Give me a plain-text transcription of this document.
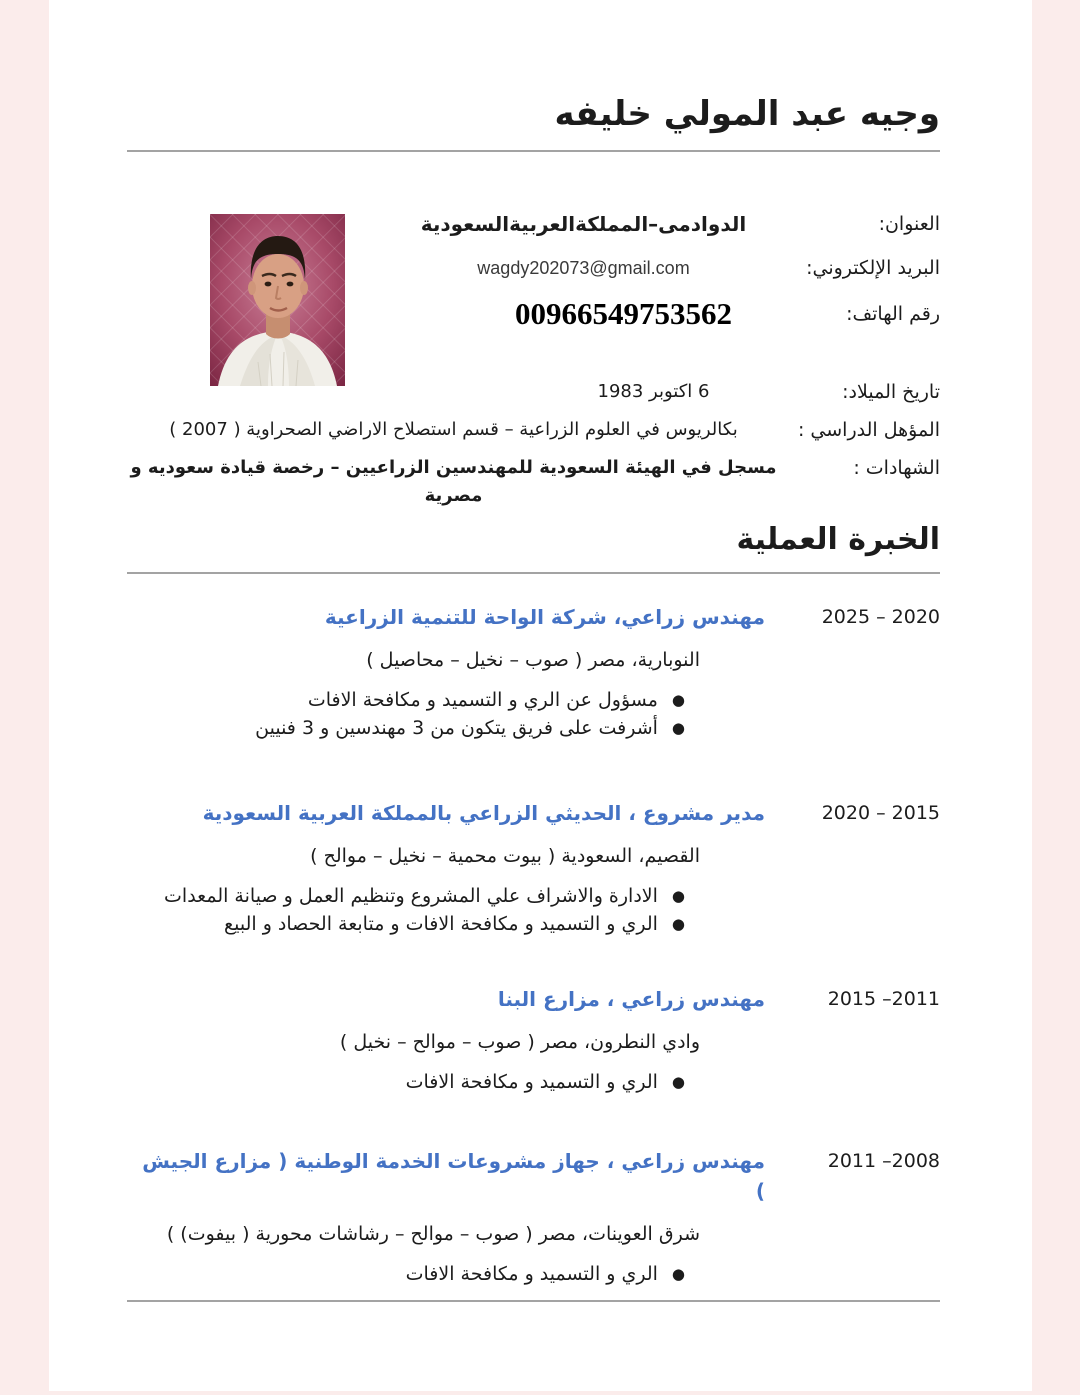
وجيه عبد المولي خليفه
العنوان:
الدوادمى–المملكةالعربيةالسعودية
البريد الإلكتروني:
wagdy202073@gmail.com
رقم الهاتف:
00966549753562
تاريخ الميلاد:
6 اكتوبر 1983
المؤهل الدراسي :
بكالريوس في العلوم الزراعية – قسم استصلاح الاراضي الصحراوية ( 2007 )
الشهادات :
مسجل في الهيئة السعودية للمهندسين الزراعيين – رخصة قيادة سعوديه و مصرية
الخبرة العملية
2020 – 2025
مهندس زراعي، شركة الواحة للتنمية الزراعية
النوبارية، مصر ( صوب – نخيل – محاصيل )
●
مسؤول عن الري و التسميد و مكافحة الافات
●
أشرفت على فريق يتكون من 3 مهندسين و 3 فنيين
2015 – 2020
مدير مشروع ، الحديثي الزراعي بالمملكة العربية السعودية
القصيم، السعودية ( بيوت محمية – نخيل – موالح )
●
الادارة والاشراف علي المشروع وتنظيم العمل و صيانة المعدات
●
الري و التسميد و مكافحة الافات و متابعة الحصاد و البيع
2011– 2015
مهندس زراعي ، مزارع البنا
وادي النطرون، مصر ( صوب – موالح – نخيل )
●
الري و التسميد و مكافحة الافات
2008– 2011
مهندس زراعي ، جهاز مشروعات الخدمة الوطنية ( مزارع الجيش )
شرق العوينات، مصر ( صوب – موالح – رشاشات محورية ( بيفوت) )
●
الري و التسميد و مكافحة الافات
